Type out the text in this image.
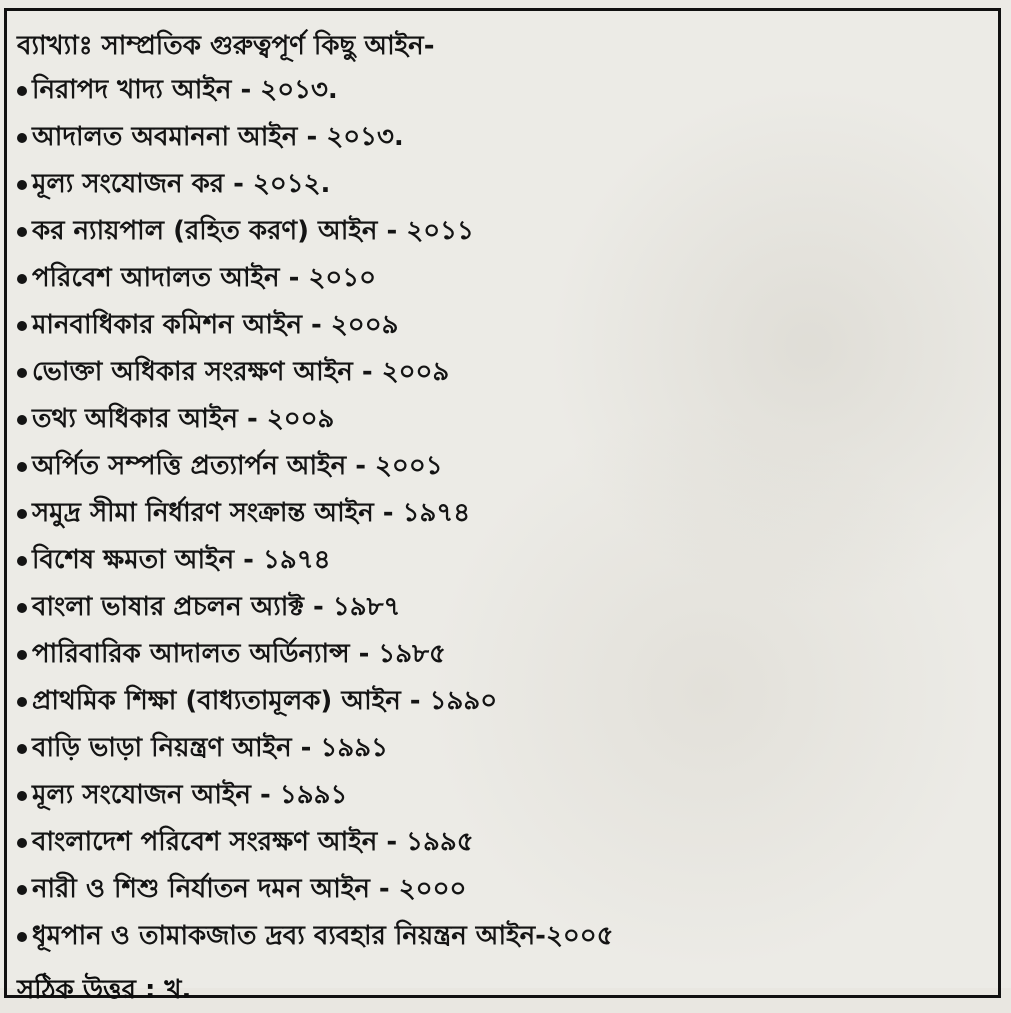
ব্যাখ্যাঃ সাম্প্রতিক গুরুত্বপূর্ণ কিছু আইন-
নিরাপদ খাদ্য আইন - ২০১৩.
আদালত অবমাননা আইন - ২০১৩.
মূল্য সংযোজন কর - ২০১২.
কর ন্যায়পাল (রহিত করণ) আইন - ২০১১
পরিবেশ আদালত আইন - ২০১০
মানবাধিকার কমিশন আইন - ২০০৯
ভোক্তা অধিকার সংরক্ষণ আইন - ২০০৯
তথ্য অধিকার আইন - ২০০৯
অর্পিত সম্পত্তি প্রত্যার্পন আইন - ২০০১
সমুদ্র সীমা নির্ধারণ সংক্রান্ত আইন - ১৯৭৪
বিশেষ ক্ষমতা আইন - ১৯৭৪
বাংলা ভাষার প্রচলন অ্যাক্ট - ১৯৮৭
পারিবারিক আদালত অর্ডিন্যান্স - ১৯৮৫
প্রাথমিক শিক্ষা (বাধ্যতামূলক) আইন - ১৯৯০
বাড়ি ভাড়া নিয়ন্ত্রণ আইন - ১৯৯১
মূল্য সংযোজন আইন - ১৯৯১
বাংলাদেশ পরিবেশ সংরক্ষণ আইন - ১৯৯৫
নারী ও শিশু নির্যাতন দমন আইন - ২০০০
ধূমপান ও তামাকজাত দ্রব্য ব্যবহার নিয়ন্ত্রন আইন-২০০৫
সঠিক উত্তর : খ.
